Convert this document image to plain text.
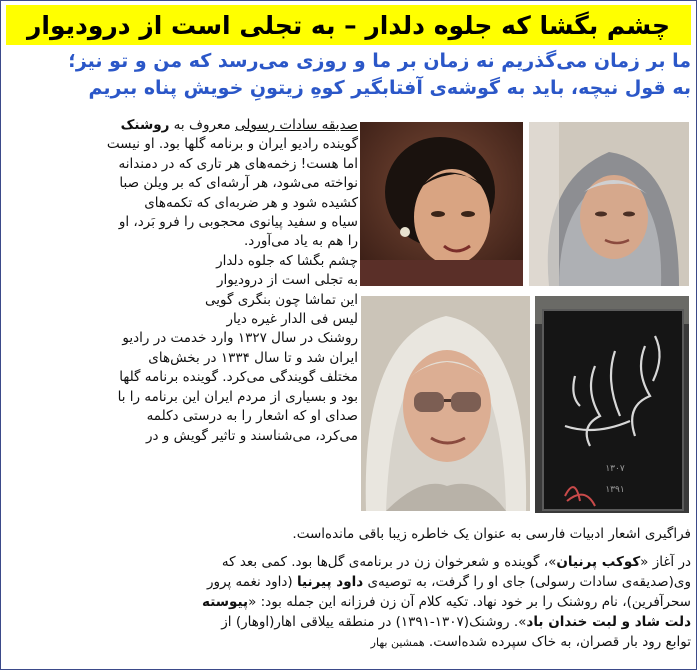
چشم بگشا که جلوه دلدار – به تجلی است از درودیوار
ما بر زمان می‌گذریم نه زمان بر ما و روزی می‌رسد که من و تو نیز؛
به قول نیچه، باید به گوشه‌ی آفتابگیر کوهِ زیتونِ خویش پناه ببریم
صدیقه سادات رسولی معروف به روشنک
گوینده رادیو ایران و برنامه گلها بود. او نیست
اما هست! زخمه‌های هر تاری که در دمندانه
نواخته می‌شود، هر آرشه‌ای که بر ویلن صبا
کشیده شود و هر ضربه‌ای که تکمه‌های
سیاه و سفید پیانوی محجوبی را فرو بَرد، او
را هم به یاد می‌آورد.
چشم بگشا که جلوه دلدار
به تجلی است از درودیوار
این تماشا چون بنگری گویی
لیس فی الدار غیره دیار
روشنک در سال ۱۳۲۷ وارد خدمت در رادیو
ایران شد و تا سال ۱۳۳۴ در بخش‌های
مختلف گویندگی می‌کرد. گوینده برنامه گلها
بود و بسیاری از مردم ایران این برنامه را با
صدای او که اشعار را به درستی دکلمه
می‌کرد، می‌شناسند و تاثیر گویش و در
۱۳۰۷
۱۳۹۱
فراگیری اشعار ادبیات فارسی به عنوان یک خاطره زیبا باقی مانده‌است.
در آغاز «کوکب پرنیان»، گوینده و شعرخوان زن در برنامه‌ی گل‌ها بود. کمی بعد که
وی(صدیقه‌ی سادات رسولی) جای او را گرفت، به توصیه‌ی داود پیرنیا (داود نغمه پرور
سحرآفرین)، نام روشنک را بر خود نهاد. تکیه کلام آن زن فرزانه این جمله بود: «پیوسته
دلت شاد و لبت خندان باد». روشنک(۱۳۰۷-۱۳۹۱) در منطقه ییلاقی اهار(اوهار) از
توابع رود بار قصران، به خاک سپرده شده‌است. همشین بهار
